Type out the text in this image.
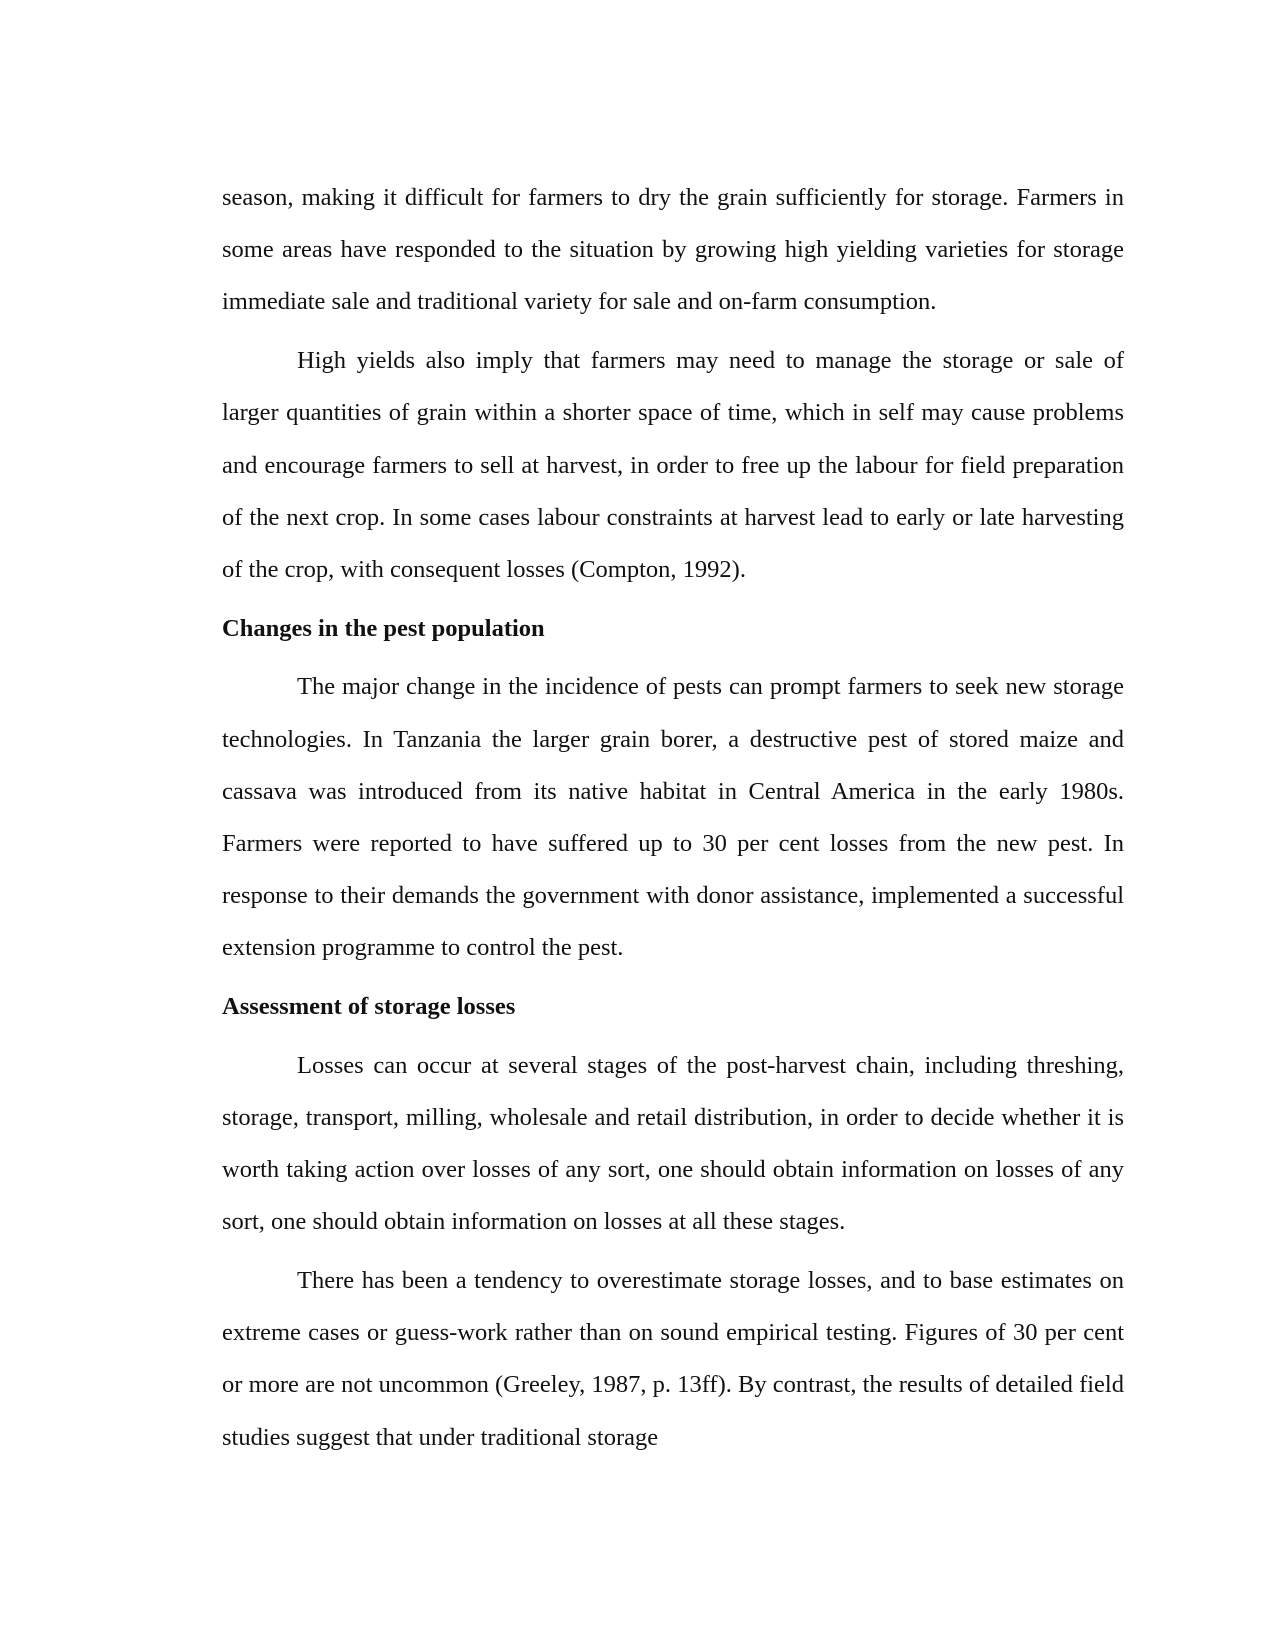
season, making it difficult for farmers to dry the grain sufficiently for storage. Farmers in some areas have responded to the situation by growing high yielding varieties for storage immediate sale and traditional variety for sale and on-farm consumption.

High yields also imply that farmers may need to manage the storage or sale of larger quantities of grain within a shorter space of time, which in self may cause problems and encourage farmers to sell at harvest, in order to free up the labour for field preparation of the next crop. In some cases labour constraints at harvest lead to early or late harvesting of the crop, with consequent losses (Compton, 1992).

Changes in the pest population

The major change in the incidence of pests can prompt farmers to seek new storage technologies. In Tanzania the larger grain borer, a destructive pest of stored maize and cassava was introduced from its native habitat in Central America in the early 1980s. Farmers were reported to have suffered up to 30 per cent losses from the new pest. In response to their demands the government with donor assistance, implemented a successful extension programme to control the pest.

Assessment of storage losses

Losses can occur at several stages of the post-harvest chain, including threshing, storage, transport, milling, wholesale and retail distribution, in order to decide whether it is worth taking action over losses of any sort, one should obtain information on losses of any sort, one should obtain information on losses at all these stages.

There has been a tendency to overestimate storage losses, and to base estimates on extreme cases or guess-work rather than on sound empirical testing. Figures of 30 per cent or more are not uncommon (Greeley, 1987, p. 13ff). By contrast, the results of detailed field studies suggest that under traditional storage
